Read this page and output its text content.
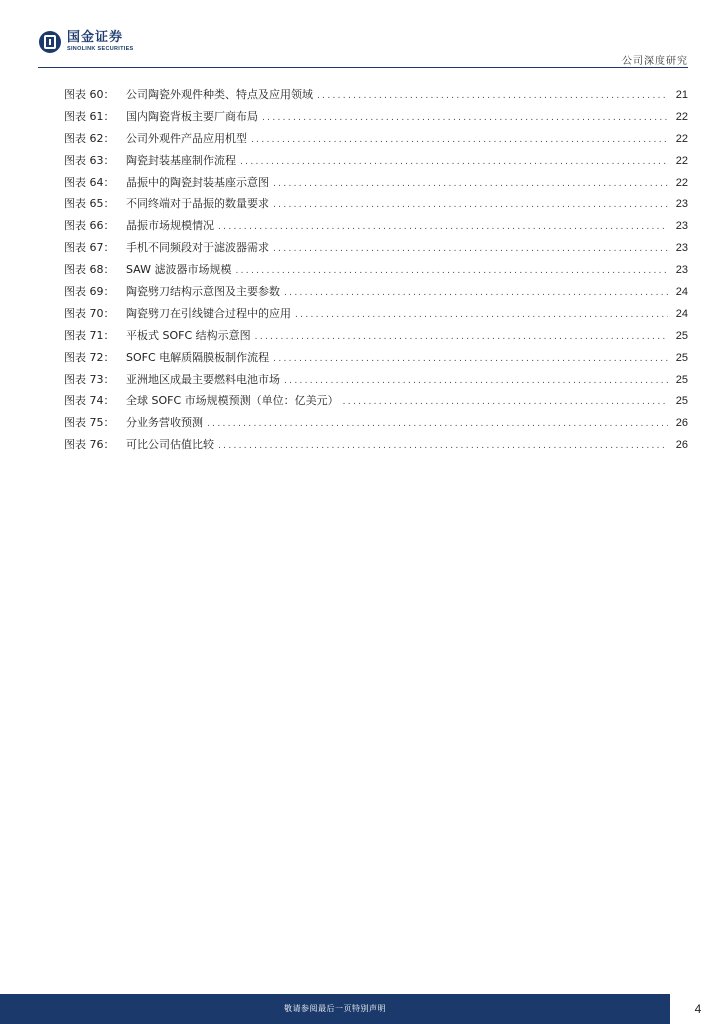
国金证券
SINOLINK SECURITIES
公司深度研究
图表 60：	公司陶瓷外观件种类、特点及应用领域 .....	21
图表 61：	国内陶瓷背板主要厂商布局 .....	22
图表 62：	公司外观件产品应用机型 .....	22
图表 63：	陶瓷封装基座制作流程 .....	22
图表 64：	晶振中的陶瓷封装基座示意图 .....	22
图表 65：	不同终端对于晶振的数量要求 .....	23
图表 66：	晶振市场规模情况 .....	23
图表 67：	手机不同频段对于滤波器需求 .....	23
图表 68：	SAW 滤波器市场规模 .....	23
图表 69：	陶瓷劈刀结构示意图及主要参数 .....	24
图表 70：	陶瓷劈刀在引线键合过程中的应用 .....	24
图表 71：	平板式 SOFC 结构示意图 .....	25
图表 72：	SOFC 电解质隔膜板制作流程 .....	25
图表 73：	亚洲地区成最主要燃料电池市场 .....	25
图表 74：	全球 SOFC 市场规模预测（单位：亿美元） .....	25
图表 75：	分业务营收预测 .....	26
图表 76：	可比公司估值比较 .....	26
敬请参阅最后一页特别声明	4
